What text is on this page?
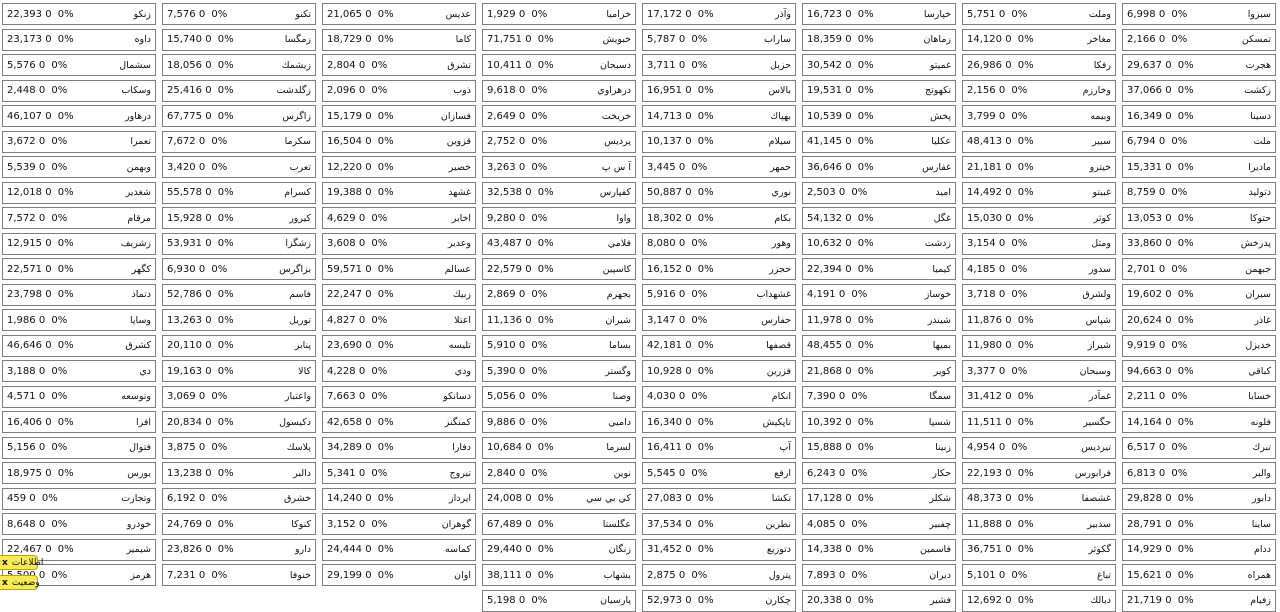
6,998 0 0%	سبزوا
2,166 0 0%	تمسكن
29,637 0 0%	هجرت
37,066 0 0%	زكشت
16,349 0 0%	دسينا
6,794 0 0%	ملت
15,331 0 0%	مادیرا
8,759 0 0%	دتوليد
13,053 0 0%	حتوكا
33,860 0 0%	پدرخش
2,701 0 0%	جبهمن
19,602 0 0%	سيران
20,624 0 0%	غاذر
9,919 0 0%	خديزل
94,663 0 0%	كباقي
2,211 0 0%	خسابا
14,164 0 0%	فلونه
6,517 0 0%	تبرك
6,813 0 0%	والبر
29,828 0 0%	دابور
28,791 0 0%	ساینا
14,929 0 0%	ددام
15,621 0 0%	همراه
21,719 0 0%	زفيام
5,751 0 0%	وملت
14,120 0 0%	مغاخر
26,986 0 0%	رفكا
2,156 0 0%	وخارزم
3,799 0 0%	وبيمه
48,413 0 0%	سبير
21,181 0 0%	خيترو
14,492 0 0%	غبيتو
15,030 0 0%	كوثر
3,154 0 0%	ومثل
4,185 0 0%	سدور
3,718 0 0%	ولشرق
11,876 0 0%	شپاس
11,980 0 0%	شيراز
3,377 0 0%	وسبحان
31,412 0 0%	غمآدر
11,511 0 0%	حگسير
4,954 0 0%	تيرديس
22,193 0 0%	فرابورس
48,373 0 0%	غشصفا
11,888 0 0%	سدبير
36,751 0 0%	گكوثر
5,101 0 0%	تباغ
12,692 0 0%	دبالك
16,723 0 0%	خپارسا
18,359 0 0%	زماهان
30,542 0 0%	غميتو
19,531 0 0%	تكهوتج
10,539 0 0%	پخش
41,145 0 0%	عكليا
36,646 0 0%	غفارس
2,503 0 0%	امید
54,132 0 0%	غگل
10,632 0 0%	زدشت
22,394 0 0%	كيميا
4,191 0 0%	خوساز
11,978 0 0%	شيندر
48,455 0 0%	بميها
21,868 0 0%	كوير
7,390 0 0%	سمگا
10,392 0 0%	شسپا
15,888 0 0%	زبينا
6,243 0 0%	حكار
17,128 0 0%	شكلر
4,085 0 0%	چفبير
14,338 0 0%	فاسمين
7,893 0 0%	ديران
20,338 0 0%	فشير
17,172 0 0%	وآذر
5,787 0 0%	ساراب
3,711 0 0%	حزبل
16,951 0 0%	بالاس
14,713 0 0%	بهپاك
10,137 0 0%	سيلام
3,445 0 0%	حمهر
50,887 0 0%	نوري
18,302 0 0%	بكام
8,080 0 0%	وهور
16,152 0 0%	حجزر
5,916 0 0%	غشهداب
3,147 0 0%	حفارس
42,181 0 0%	قصفها
10,928 0 0%	فزرين
4,030 0 0%	انكام
16,340 0 0%	تاپكيش
16,411 0 0%	آپ
5,545 0 0%	ارفع
27,083 0 0%	تكشا
37,534 0 0%	نطرين
31,452 0 0%	دتوزيع
2,875 0 0%	پترول
52,973 0 0%	چكارن
1,929 0 0%	خراميا
71,751 0 0%	خبويش
10,411 0 0%	دسبحان
9,618 0 0%	درهراوي
2,649 0 0%	خريخت
2,752 0 0%	پرديس
3,263 0 0%	آ س پ
32,538 0 0%	كفپارس
9,280 0 0%	واوا
43,487 0 0%	فلامي
22,579 0 0%	كاسپين
2,869 0 0%	بجهرم
11,136 0 0%	شيران
5,910 0 0%	بساما
5,390 0 0%	وگستر
5,056 0 0%	وصنا
9,886 0 0%	داميي
10,684 0 0%	لسرما
2,840 0 0%	نوين
24,008 0 0%	كي بي سي
67,489 0 0%	عگلستا
29,440 0 0%	زنگان
38,111 0 0%	بشهاب
5,198 0 0%	پارسيان
21,065 0 0%	عديس
18,729 0 0%	كاما
2,804 0 0%	تشرق
2,096 0 0%	ذوب
15,179 0 0%	فسازان
16,504 0 0%	قزوين
12,220 0 0%	خصير
19,388 0 0%	غشهد
4,629 0 0%	اخابر
3,608 0 0%	وعدير
59,571 0 0%	عسالم
22,247 0 0%	زبيك
4,827 0 0%	اعتلا
23,690 0 0%	تليسه
4,228 0 0%	ودي
7,663 0 0%	دسانكو
42,658 0 0%	كمنگنز
34,289 0 0%	دفارا
5,341 0 0%	تبروج
14,240 0 0%	ايرداز
3,152 0 0%	گوهران
24,444 0 0%	كماسه
29,199 0 0%	اوان
7,576 0 0%	تكنو
15,740 0 0%	زمگسا
18,056 0 0%	زيشمك
25,416 0 0%	زگلدشت
67,775 0 0%	زاگرس
7,672 0 0%	سكرما
3,420 0 0%	تعرب
55,578 0 0%	كسرام
15,928 0 0%	كيرور
53,931 0 0%	زشگزا
6,930 0 0%	بزاگرس
52,786 0 0%	فاسم
13,263 0 0%	توريل
20,110 0 0%	پنابر
19,163 0 0%	كالا
3,069 0 0%	واعتبار
20,834 0 0%	دكيسول
3,875 0 0%	پلاسك
13,238 0 0%	دالبر
6,192 0 0%	خشرق
24,769 0 0%	كنوكا
23,826 0 0%	دارو
7,231 0 0%	خنوفا
22,393 0 0%	زنكو
23,173 0 0%	داوه
5,576 0 0%	سشمال
2,448 0 0%	وسكاب
46,107 0 0%	درهاور
3,672 0 0%	تعمرا
5,539 0 0%	وبهمن
12,018 0 0%	شغدير
7,572 0 0%	مرقام
12,915 0 0%	زشريف
22,571 0 0%	كگهر
23,798 0 0%	دتماد
1,986 0 0%	وساپا
46,646 0 0%	كشرق
3,188 0 0%	دي
4,571 0 0%	وتوسعه
16,406 0 0%	افرا
5,156 0 0%	فتوال
18,975 0 0%	بورس
459 0 0%	وتجارت
8,648 0 0%	خودرو
22,467 0 0%	شيمير
0 0%	هرمز
x اطلاعات
x وضعیت
